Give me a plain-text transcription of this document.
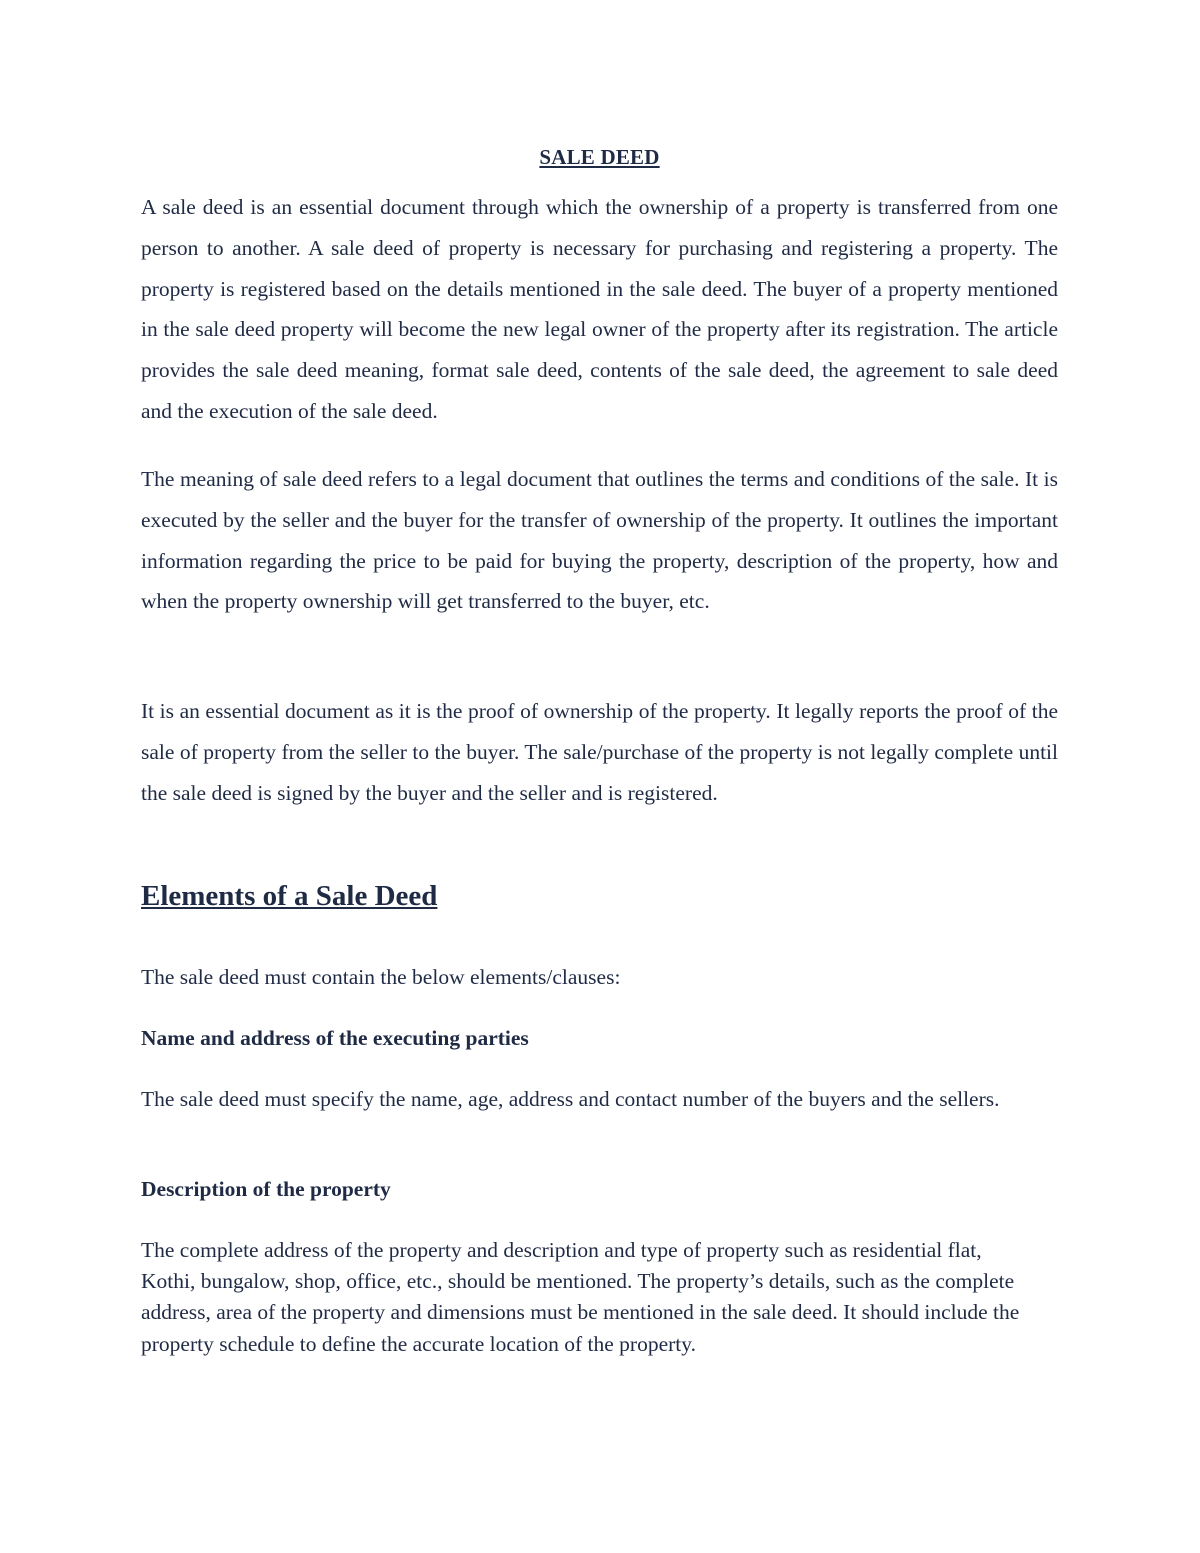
SALE DEED

A sale deed is an essential document through which the ownership of a property is transferred from one person to another. A sale deed of property is necessary for purchasing and registering a property. The property is registered based on the details mentioned in the sale deed. The buyer of a property mentioned in the sale deed property will become the new legal owner of the property after its registration. The article provides the sale deed meaning, format sale deed, contents of the sale deed, the agreement to sale deed and the execution of the sale deed.

The meaning of sale deed refers to a legal document that outlines the terms and conditions of the sale. It is executed by the seller and the buyer for the transfer of ownership of the property. It outlines the important information regarding the price to be paid for buying the property, description of the property, how and when the property ownership will get transferred to the buyer, etc.

It is an essential document as it is the proof of ownership of the property. It legally reports the proof of the sale of property from the seller to the buyer. The sale/purchase of the property is not legally complete until the sale deed is signed by the buyer and the seller and is registered.

Elements of a Sale Deed

The sale deed must contain the below elements/clauses:

Name and address of the executing parties

The sale deed must specify the name, age, address and contact number of the buyers and the sellers.

Description of the property

The complete address of the property and description and type of property such as residential flat, Kothi, bungalow, shop, office, etc., should be mentioned. The property’s details, such as the complete address, area of the property and dimensions must be mentioned in the sale deed. It should include the property schedule to define the accurate location of the property.
